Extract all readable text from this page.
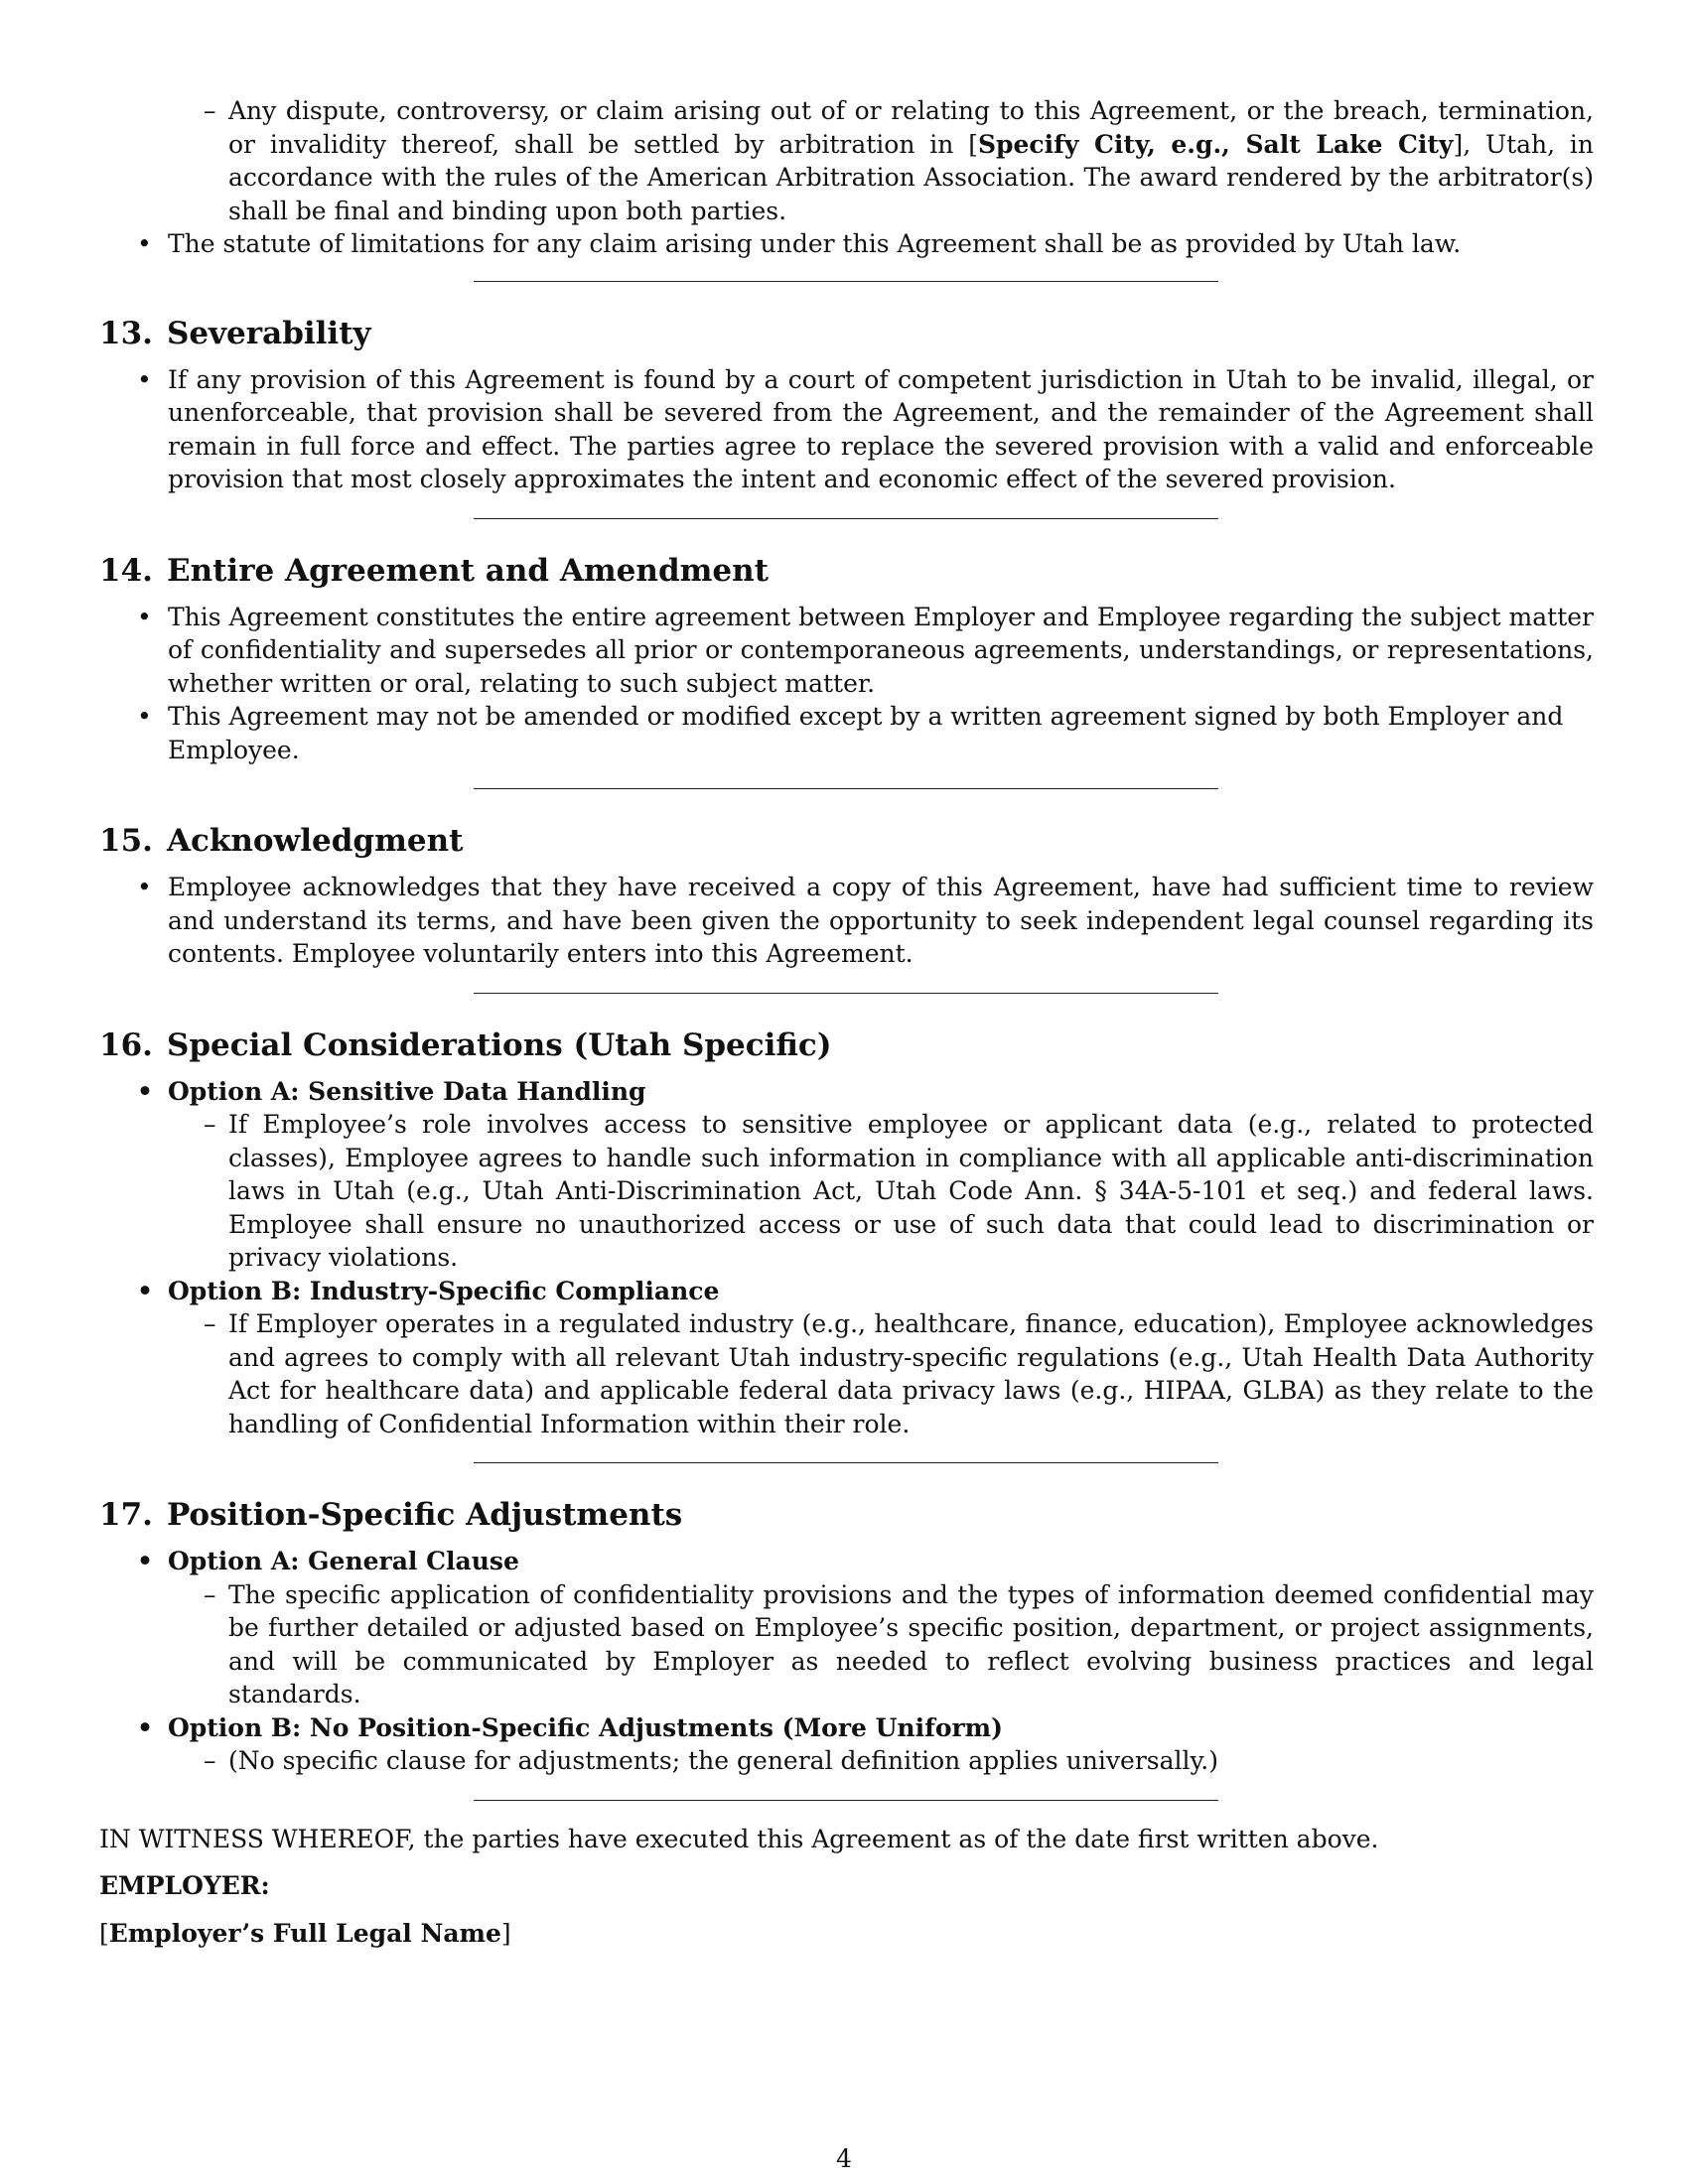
– Any dispute, controversy, or claim arising out of or relating to this Agreement, or the breach, termination, or invalidity thereof, shall be settled by arbitration in [Specify City, e.g., Salt Lake City], Utah, in accordance with the rules of the American Arbitration Association. The award rendered by the arbitrator(s) shall be final and binding upon both parties.
• The statute of limitations for any claim arising under this Agreement shall be as provided by Utah law.
13. Severability
• If any provision of this Agreement is found by a court of competent jurisdiction in Utah to be invalid, illegal, or unenforceable, that provision shall be severed from the Agreement, and the remainder of the Agreement shall remain in full force and effect. The parties agree to replace the severed provision with a valid and enforceable provision that most closely approximates the intent and economic effect of the severed provision.
14. Entire Agreement and Amendment
• This Agreement constitutes the entire agreement between Employer and Employee regarding the subject matter of confidentiality and supersedes all prior or contemporaneous agreements, understandings, or representations, whether written or oral, relating to such subject matter.
• This Agreement may not be amended or modified except by a written agreement signed by both Employer and Employee.
15. Acknowledgment
• Employee acknowledges that they have received a copy of this Agreement, have had sufficient time to review and understand its terms, and have been given the opportunity to seek independent legal counsel regarding its contents. Employee voluntarily enters into this Agreement.
16. Special Considerations (Utah Specific)
• Option A: Sensitive Data Handling
– If Employee’s role involves access to sensitive employee or applicant data (e.g., related to protected classes), Employee agrees to handle such information in compliance with all applicable anti-discrimination laws in Utah (e.g., Utah Anti-Discrimination Act, Utah Code Ann. § 34A-5-101 et seq.) and federal laws. Employee shall ensure no unauthorized access or use of such data that could lead to discrimination or privacy violations.
• Option B: Industry-Specific Compliance
– If Employer operates in a regulated industry (e.g., healthcare, finance, education), Employee acknowledges and agrees to comply with all relevant Utah industry-specific regulations (e.g., Utah Health Data Authority Act for healthcare data) and applicable federal data privacy laws (e.g., HIPAA, GLBA) as they relate to the handling of Confidential Information within their role.
17. Position-Specific Adjustments
• Option A: General Clause
– The specific application of confidentiality provisions and the types of information deemed confidential may be further detailed or adjusted based on Employee’s specific position, department, or project assignments, and will be communicated by Employer as needed to reflect evolving business practices and legal standards.
• Option B: No Position-Specific Adjustments (More Uniform)
– (No specific clause for adjustments; the general definition applies universally.)
IN WITNESS WHEREOF, the parties have executed this Agreement as of the date first written above.
EMPLOYER:
[Employer’s Full Legal Name]
4
